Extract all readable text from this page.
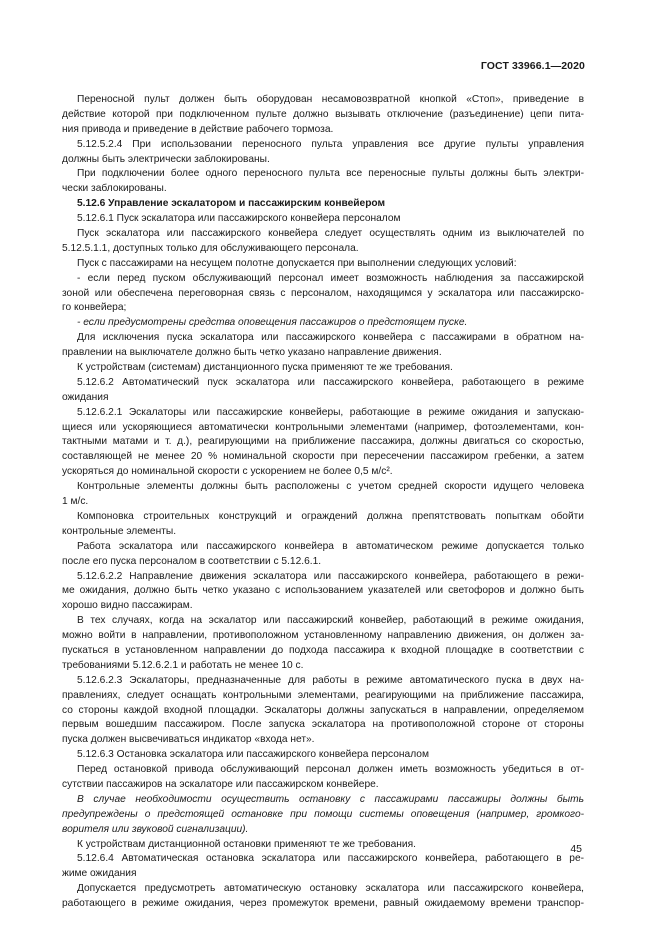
ГОСТ 33966.1—2020
Переносной пульт должен быть оборудован несамовозвратной кнопкой «Стоп», приведение в
действие которой при подключенном пульте должно вызывать отключение (разъединение) цепи пита-
ния привода и приведение в действие рабочего тормоза.
5.12.5.2.4 При использовании переносного пульта управления все другие пульты управления
должны быть электрически заблокированы.
При подключении более одного переносного пульта все переносные пульты должны быть электри-
чески заблокированы.
5.12.6 Управление эскалатором и пассажирским конвейером
5.12.6.1 Пуск эскалатора или пассажирского конвейера персоналом
Пуск эскалатора или пассажирского конвейера следует осуществлять одним из выключателей по
5.12.5.1.1, доступных только для обслуживающего персонала.
Пуск с пассажирами на несущем полотне допускается при выполнении следующих условий:
- если перед пуском обслуживающий персонал имеет возможность наблюдения за пассажирской
зоной или обеспечена переговорная связь с персоналом, находящимся у эскалатора или пассажирско-
го конвейера;
- если предусмотрены средства оповещения пассажиров о предстоящем пуске.
Для исключения пуска эскалатора или пассажирского конвейера с пассажирами в обратном на-
правлении на выключателе должно быть четко указано направление движения.
К устройствам (системам) дистанционного пуска применяют те же требования.
5.12.6.2 Автоматический пуск эскалатора или пассажирского конвейера, работающего в режиме
ожидания
5.12.6.2.1 Эскалаторы или пассажирские конвейеры, работающие в режиме ожидания и запускаю-
щиеся или ускоряющиеся автоматически контрольными элементами (например, фотоэлементами, кон-
тактными матами и т. д.), реагирующими на приближение пассажира, должны двигаться со скоростью,
составляющей не менее 20 % номинальной скорости при пересечении пассажиром гребенки, а затем
ускоряться до номинальной скорости с ускорением не более 0,5 м/с².
Контрольные элементы должны быть расположены с учетом средней скорости идущего человека
1 м/с.
Компоновка строительных конструкций и ограждений должна препятствовать попыткам обойти
контрольные элементы.
Работа эскалатора или пассажирского конвейера в автоматическом режиме допускается только
после его пуска персоналом в соответствии с 5.12.6.1.
5.12.6.2.2 Направление движения эскалатора или пассажирского конвейера, работающего в режи-
ме ожидания, должно быть четко указано с использованием указателей или светофоров и должно быть
хорошо видно пассажирам.
В тех случаях, когда на эскалатор или пассажирский конвейер, работающий в режиме ожидания,
можно войти в направлении, противоположном установленному направлению движения, он должен за-
пускаться в установленном направлении до подхода пассажира к входной площадке в соответствии с
требованиями 5.12.6.2.1 и работать не менее 10 с.
5.12.6.2.3 Эскалаторы, предназначенные для работы в режиме автоматического пуска в двух на-
правлениях, следует оснащать контрольными элементами, реагирующими на приближение пассажира,
со стороны каждой входной площадки. Эскалаторы должны запускаться в направлении, определяемом
первым вошедшим пассажиром. После запуска эскалатора на противоположной стороне от стороны
пуска должен высвечиваться индикатор «входа нет».
5.12.6.3 Остановка эскалатора или пассажирского конвейера персоналом
Перед остановкой привода обслуживающий персонал должен иметь возможность убедиться в от-
сутствии пассажиров на эскалаторе или пассажирском конвейере.
В случае необходимости осуществить остановку с пассажирами пассажиры должны быть
предупреждены о предстоящей остановке при помощи системы оповещения (например, громкого-
ворителя или звуковой сигнализации).
К устройствам дистанционной остановки применяют те же требования.
5.12.6.4 Автоматическая остановка эскалатора или пассажирского конвейера, работающего в ре-
жиме ожидания
Допускается предусмотреть автоматическую остановку эскалатора или пассажирского конвейера,
работающего в режиме ожидания, через промежуток времени, равный ожидаемому времени транспор-
45
